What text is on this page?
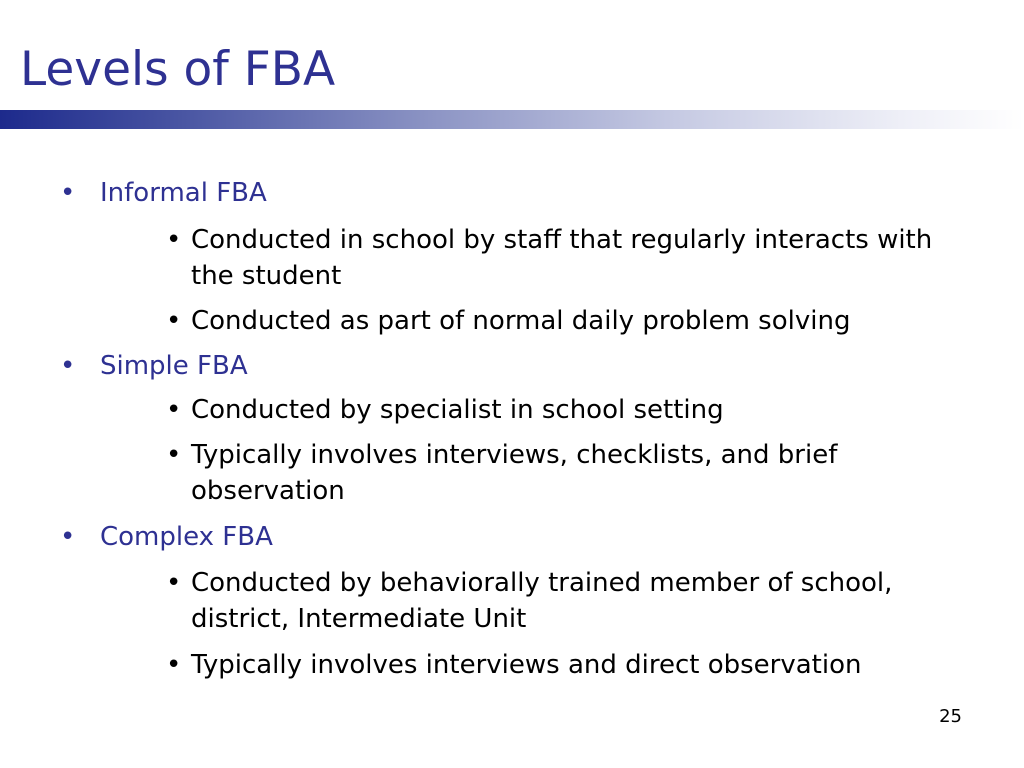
Levels of FBA
• Informal FBA
• Conducted in school by staff that regularly interacts with the student
• Conducted as part of normal daily problem solving
• Simple FBA
• Conducted by specialist in school setting
• Typically involves interviews, checklists, and brief observation
• Complex FBA
• Conducted by behaviorally trained member of school, district, Intermediate Unit
• Typically involves interviews and direct observation
25
